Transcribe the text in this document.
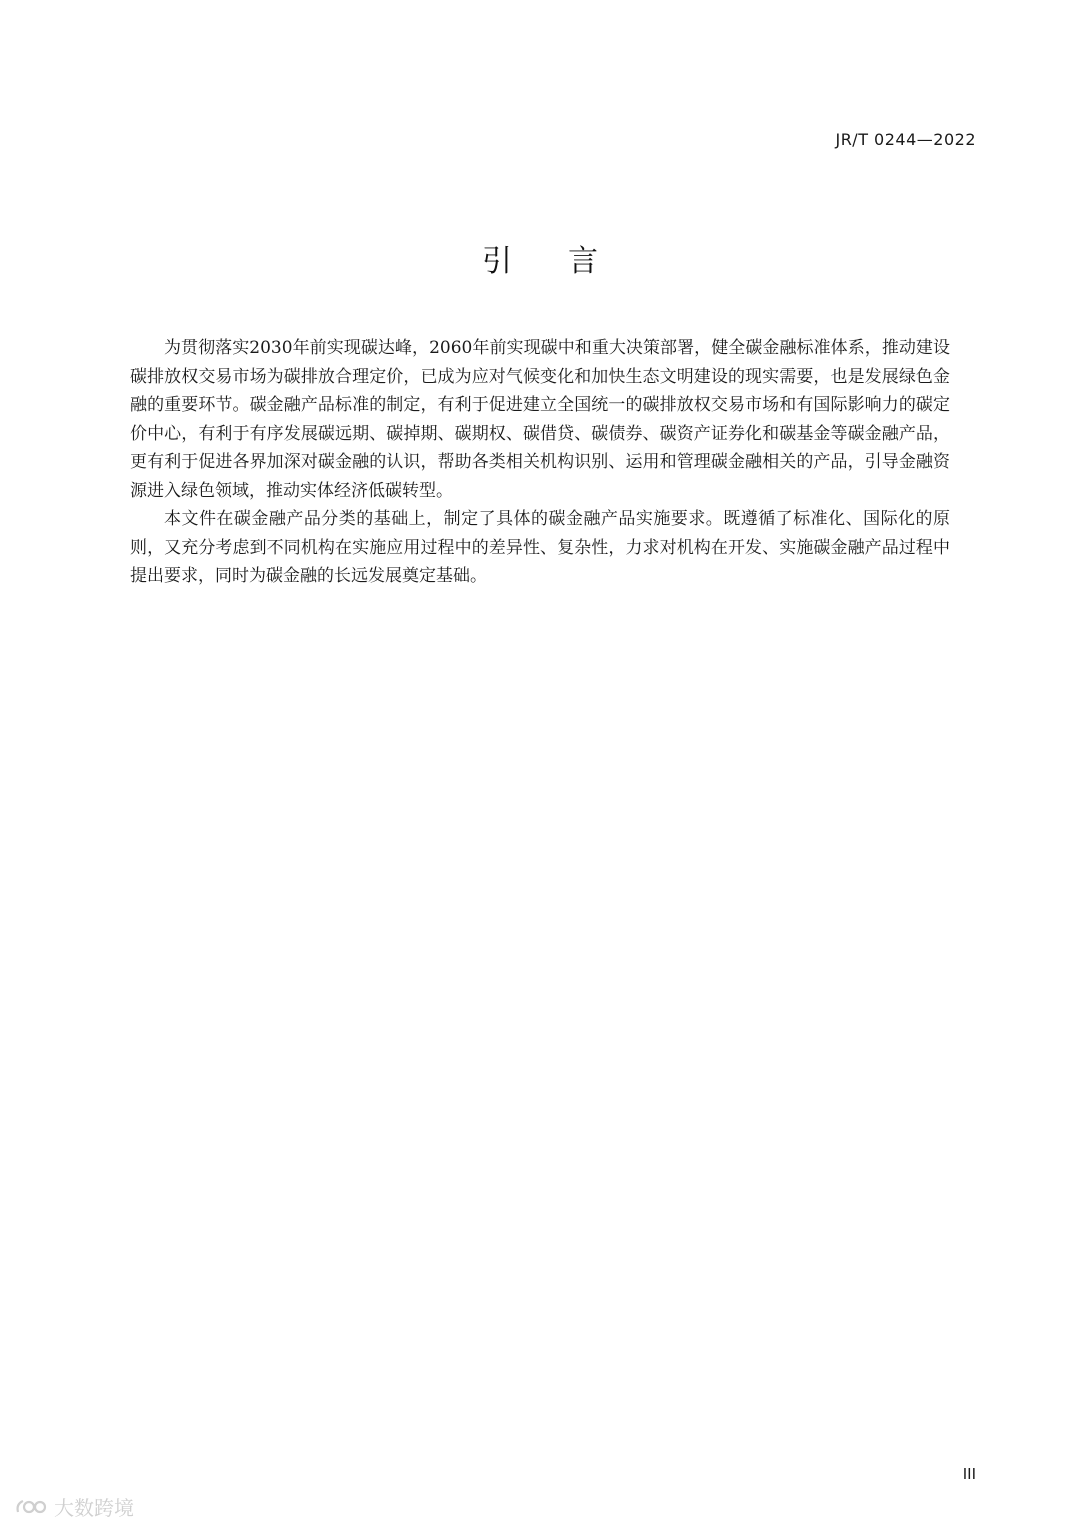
JR/T 0244—2022
引言

为贯彻落实2030年前实现碳达峰，2060年前实现碳中和重大决策部署，健全碳金融标准体系，推动建设碳排放权交易市场为碳排放合理定价，已成为应对气候变化和加快生态文明建设的现实需要，也是发展绿色金融的重要环节。碳金融产品标准的制定，有利于促进建立全国统一的碳排放权交易市场和有国际影响力的碳定价中心，有利于有序发展碳远期、碳掉期、碳期权、碳借贷、碳债券、碳资产证券化和碳基金等碳金融产品，更有利于促进各界加深对碳金融的认识，帮助各类相关机构识别、运用和管理碳金融相关的产品，引导金融资源进入绿色领域，推动实体经济低碳转型。

本文件在碳金融产品分类的基础上，制定了具体的碳金融产品实施要求。既遵循了标准化、国际化的原则，又充分考虑到不同机构在实施应用过程中的差异性、复杂性，力求对机构在开发、实施碳金融产品过程中提出要求，同时为碳金融的长远发展奠定基础。

III
大数跨境
